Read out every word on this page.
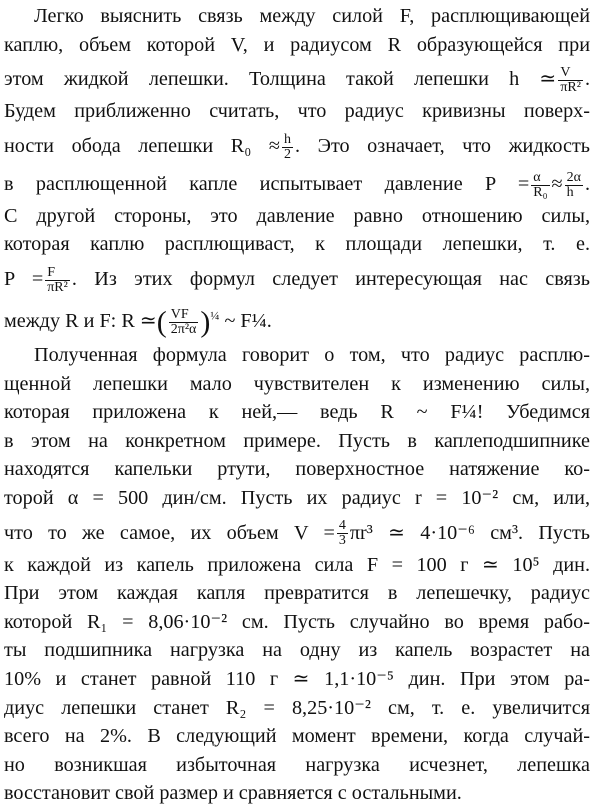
Легко выяснить связь между силой F, расплющивающей
каплю, объем которой V, и радиусом R образующейся при
этом жидкой лепешки. Толщина такой лепешки h ≃ $\frac{V}{\text{πR²}}$ .
Будем приближенно считать, что радиус кривизны поверх-
ности обода лепешки $R_0 \approx \frac{h}{2}$ . Это означает, что жидкость
в расплющенной капле испытывает давление $P = \frac{\alpha}{\text{R₀}} \approx \frac{2\alpha}{h}$ .
С другой стороны, это давление равно отношению силы,
которая каплю расплющиваст, к площади лепешки, т. е.
$P = \frac{F}{\text{πR²}}$ . Из этих формул следует интересующая нас связь
между R и F: R ≃( $\frac{VF}{\text{2π²α}} )^{\frac{1}{4}}$ ~ F¼.
Полученная формула говорит о том, что радиус расплю-
щенной лепешки мало чувствителен к изменению силы,
которая приложена к ней,— ведь R ~ F¼! Убедимся
в этом на конкретном примере. Пусть в каплеподшипнике
находятся капельки ртути, поверхностное натяжение ко-
торой α = 500 дин/см. Пусть их радиус r = 10⁻² см, или,
что то же самое, их объем $V = \frac{4}{3} \pi r^3$ ≃ 4·10⁻⁶ см³. Пусть
к каждой из капель приложена сила F = 100 г ≃ 10⁵ дин.
При этом каждая капля превратится в лепешечку, радиус
которой R₁ = 8,06·10⁻² см. Пусть случайно во время рабо-
ты подшипника нагрузка на одну из капель возрастет на
10% и станет равной 110 г ≃ 1,1·10⁻⁵ дин. При этом ра-
диус лепешки станет R₂ = 8,25·10⁻² см, т. е. увеличится
всего на 2%. В следующий момент времени, когда случай-
но возникшая избыточная нагрузка исчезнет, лепешка
восстановит свой размер и сравняется с остальными.
